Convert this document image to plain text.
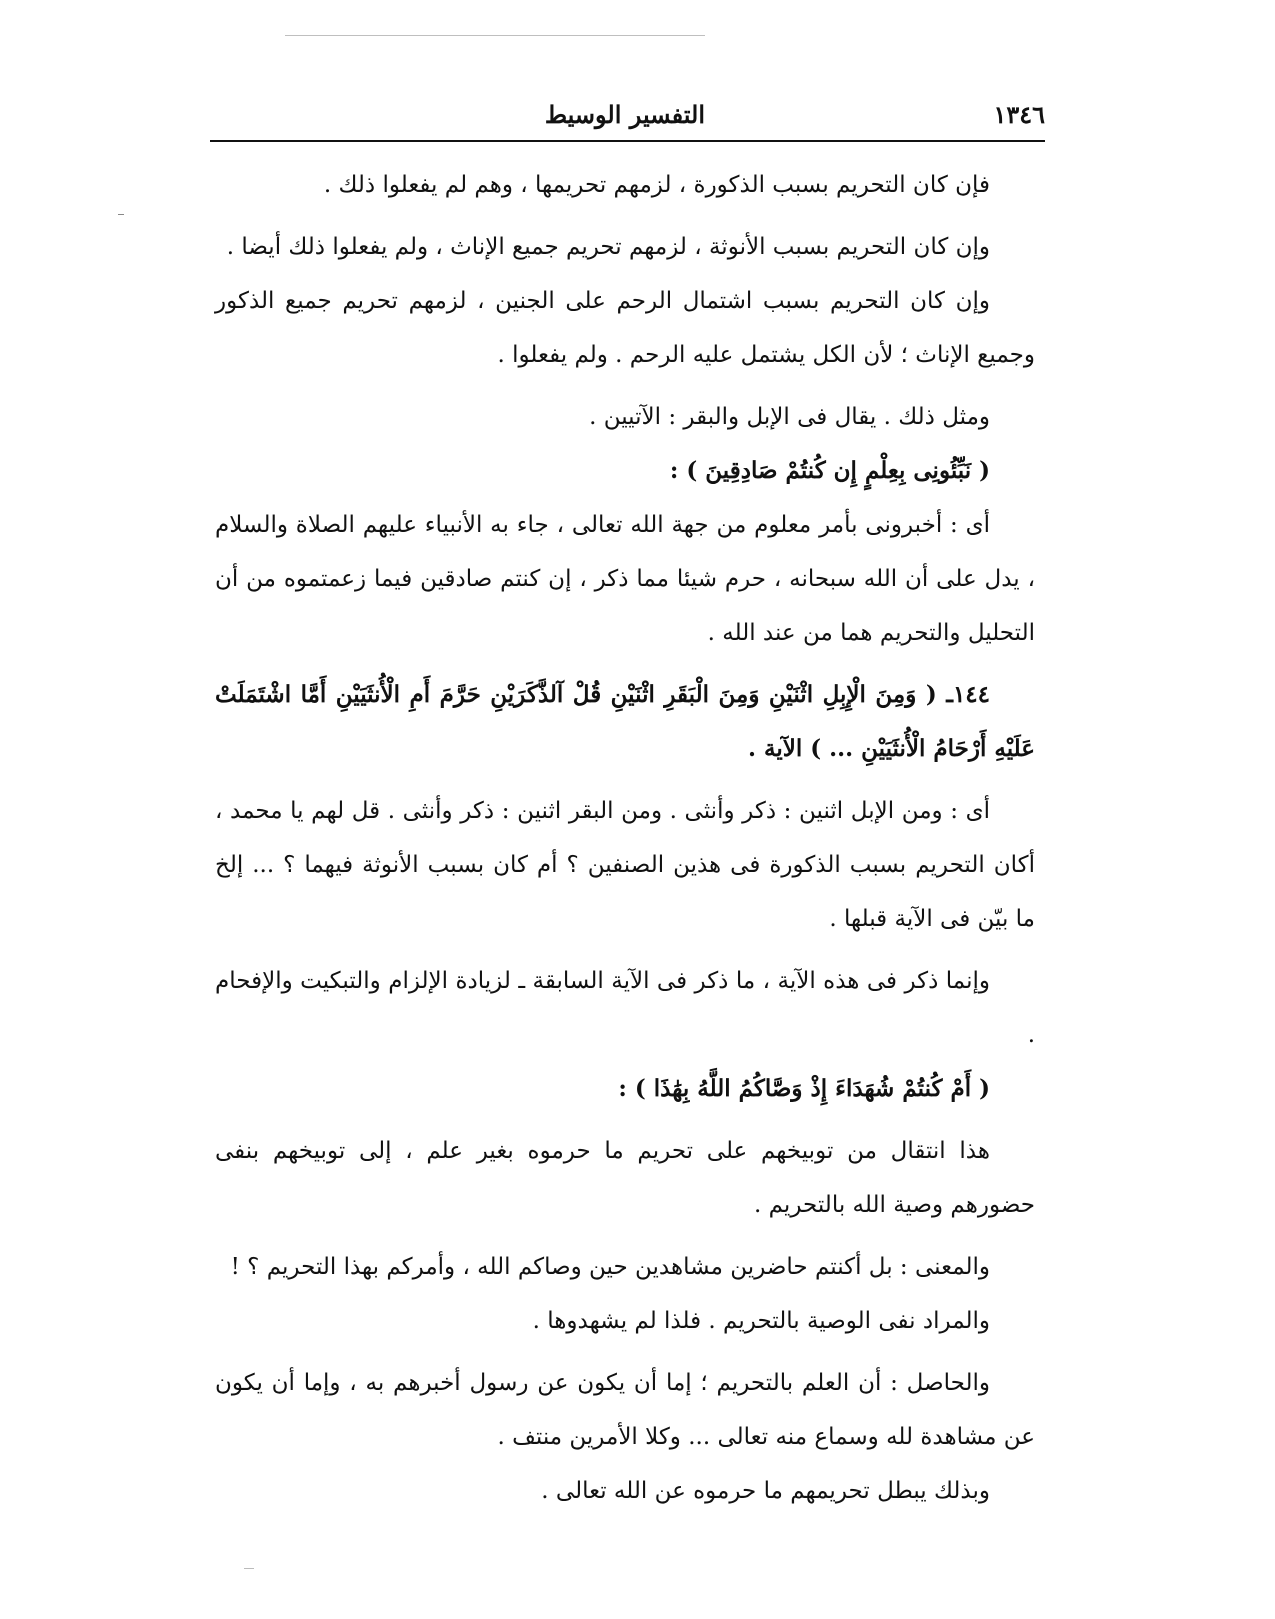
١٣٤٦
التفسير الوسيط

فإن كان التحريم بسبب الذكورة ، لزمهم تحريمها ، وهم لم يفعلوا ذلك .

وإن كان التحريم بسبب الأنوثة ، لزمهم تحريم جميع الإناث ، ولم يفعلوا ذلك أيضا .

وإن كان التحريم بسبب اشتمال الرحم على الجنين ، لزمهم تحريم جميع الذكور وجميع الإناث ؛ لأن الكل يشتمل عليه الرحم . ولم يفعلوا .

ومثل ذلك . يقال فى الإبل والبقر : الآتيين .

( نَبِّئُونِى بِعِلْمٍ إِن كُنتُمْ صَادِقِينَ ) :

أى : أخبرونى بأمر معلوم من جهة الله تعالى ، جاء به الأنبياء عليهم الصلاة والسلام ، يدل على أن الله سبحانه ، حرم شيئا مما ذكر ، إن كنتم صادقين فيما زعمتموه من أن التحليل والتحريم هما من عند الله .

١٤٤ـ ( وَمِنَ الْإِبِلِ اثْنَيْنِ وَمِنَ الْبَقَرِ اثْنَيْنِ قُلْ آلذَّكَرَيْنِ حَرَّمَ أَمِ الْأُنثَيَيْنِ أَمَّا اشْتَمَلَتْ عَلَيْهِ أَرْحَامُ الْأُنثَيَيْنِ ... ) الآية .

أى : ومن الإبل اثنين : ذكر وأنثى . ومن البقر اثنين : ذكر وأنثى . قل لهم يا محمد ، أكان التحريم بسبب الذكورة فى هذين الصنفين ؟ أم كان بسبب الأنوثة فيهما ؟ ... إلخ ما بيّن فى الآية قبلها .

وإنما ذكر فى هذه الآية ، ما ذكر فى الآية السابقة ـ لزيادة الإلزام والتبكيت والإفحام .

( أَمْ كُنتُمْ شُهَدَاءَ إِذْ وَصَّاكُمُ اللَّهُ بِهَٰذَا ) :

هذا انتقال من توبيخهم على تحريم ما حرموه بغير علم ، إلى توبيخهم بنفى حضورهم وصية الله بالتحريم .

والمعنى : بل أكنتم حاضرين مشاهدين حين وصاكم الله ، وأمركم بهذا التحريم ؟ !

والمراد نفى الوصية بالتحريم . فلذا لم يشهدوها .

والحاصل : أن العلم بالتحريم ؛ إما أن يكون عن رسول أخبرهم به ، وإما أن يكون عن مشاهدة لله وسماع منه تعالى ... وكلا الأمرين منتف .

وبذلك يبطل تحريمهم ما حرموه عن الله تعالى .
